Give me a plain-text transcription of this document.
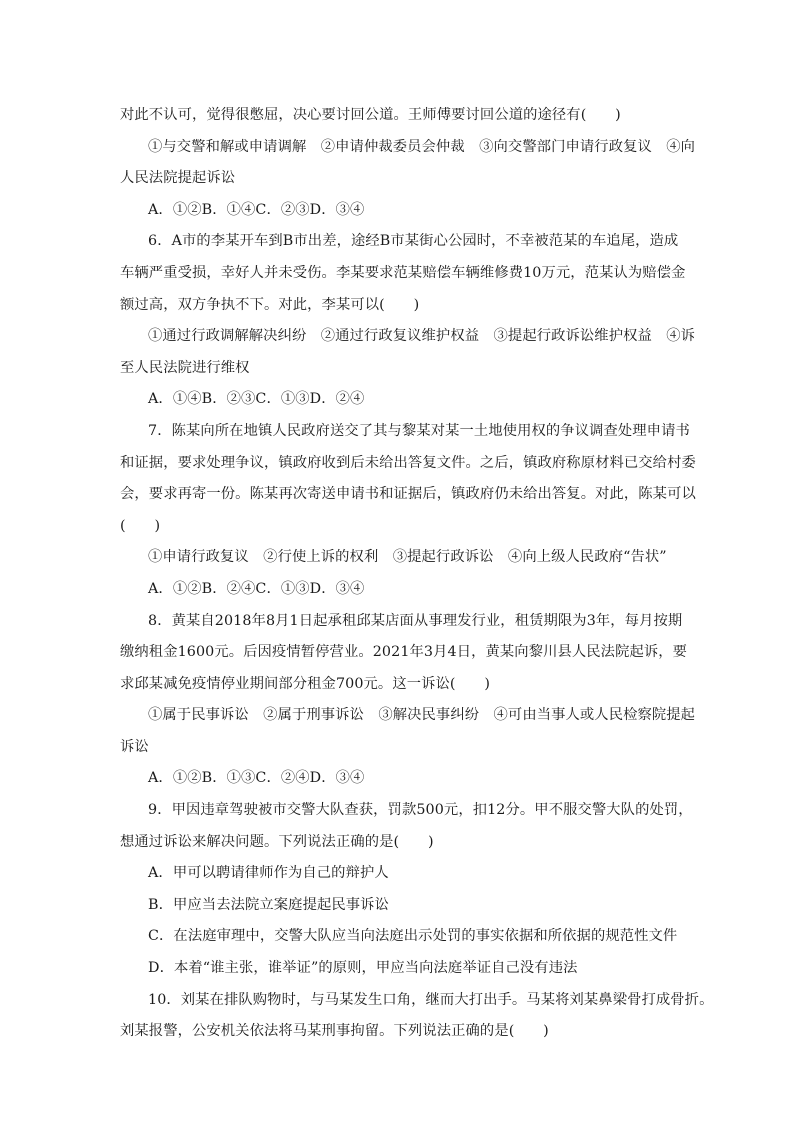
对此不认可，觉得很憋屈，决心要讨回公道。王师傅要讨回公道的途径有(　　)
①与交警和解或申请调解　②申请仲裁委员会仲裁　③向交警部门申请行政复议　④向
人民法院提起诉讼
A．①②B．①④C．②③D．③④
6．A市的李某开车到B市出差，途经B市某街心公园时，不幸被范某的车追尾，造成
车辆严重受损，幸好人并未受伤。李某要求范某赔偿车辆维修费10万元，范某认为赔偿金
额过高，双方争执不下。对此，李某可以(　　)
①通过行政调解解决纠纷　②通过行政复议维护权益　③提起行政诉讼维护权益　④诉
至人民法院进行维权
A．①④B．②③C．①③D．②④
7．陈某向所在地镇人民政府送交了其与黎某对某一土地使用权的争议调查处理申请书
和证据，要求处理争议，镇政府收到后未给出答复文件。之后，镇政府称原材料已交给村委
会，要求再寄一份。陈某再次寄送申请书和证据后，镇政府仍未给出答复。对此，陈某可以
(　　)
①申请行政复议　②行使上诉的权利　③提起行政诉讼　④向上级人民政府“告状”
A．①②B．②④C．①③D．③④
8．黄某自2018年8月1日起承租邱某店面从事理发行业，租赁期限为3年，每月按期
缴纳租金1600元。后因疫情暂停营业。2021年3月4日，黄某向黎川县人民法院起诉，要
求邱某减免疫情停业期间部分租金700元。这一诉讼(　　)
①属于民事诉讼　②属于刑事诉讼　③解决民事纠纷　④可由当事人或人民检察院提起
诉讼
A．①②B．①③C．②④D．③④
9．甲因违章驾驶被市交警大队查获，罚款500元，扣12分。甲不服交警大队的处罚，
想通过诉讼来解决问题。下列说法正确的是(　　)
A．甲可以聘请律师作为自己的辩护人
B．甲应当去法院立案庭提起民事诉讼
C．在法庭审理中，交警大队应当向法庭出示处罚的事实依据和所依据的规范性文件
D．本着“谁主张，谁举证”的原则，甲应当向法庭举证自己没有违法
10．刘某在排队购物时，与马某发生口角，继而大打出手。马某将刘某鼻梁骨打成骨折。
刘某报警，公安机关依法将马某刑事拘留。下列说法正确的是(　　)
